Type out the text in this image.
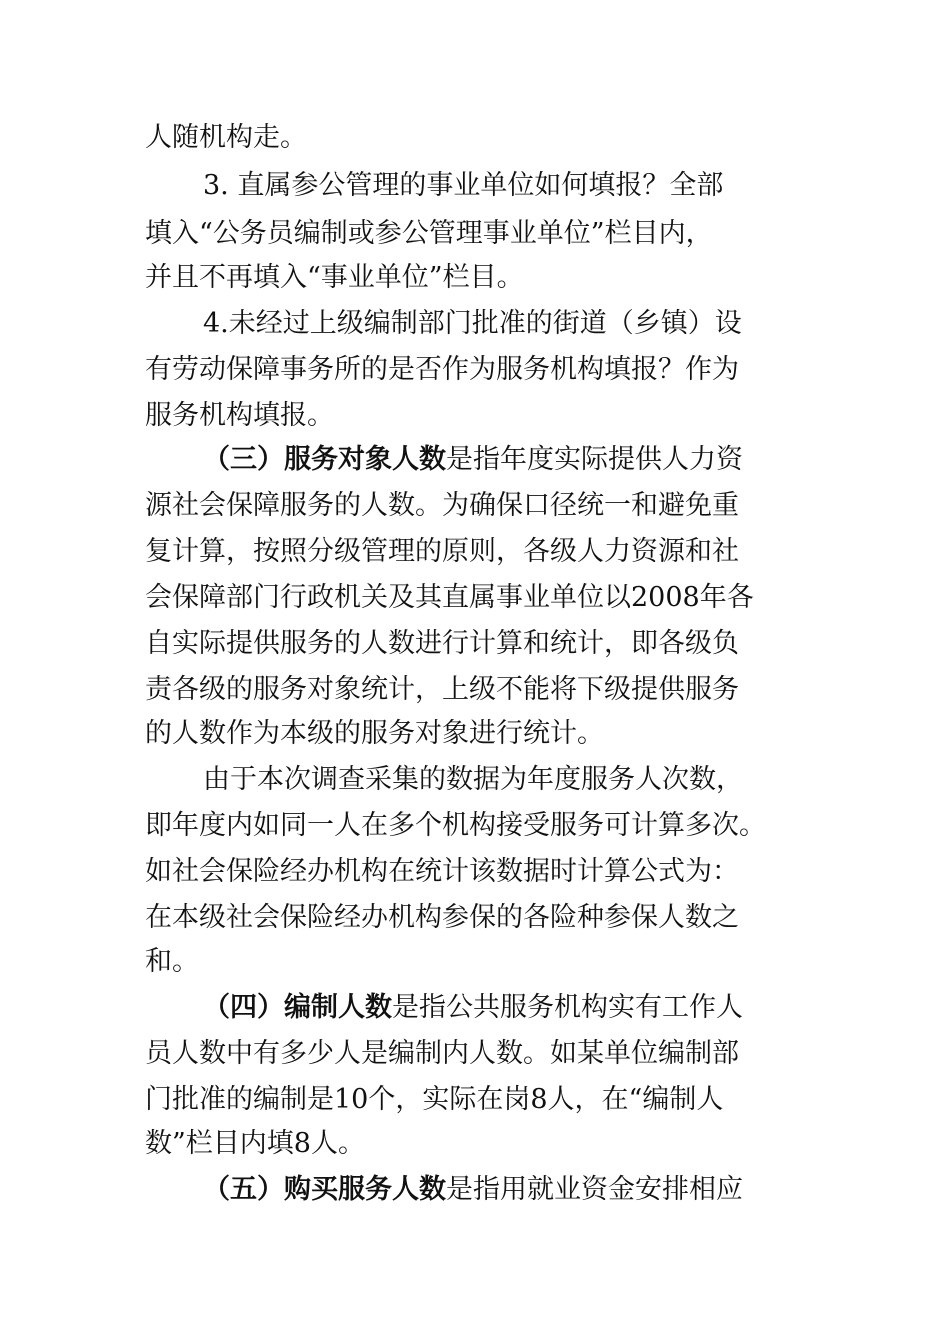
人随机构走。
3. 直属参公管理的事业单位如何填报？全部
填入“公务员编制或参公管理事业单位”栏目内，
并且不再填入“事业单位”栏目。
4.未经过上级编制部门批准的街道（乡镇）设
有劳动保障事务所的是否作为服务机构填报？作为
服务机构填报。
（三）服务对象人数是指年度实际提供人力资
源社会保障服务的人数。为确保口径统一和避免重
复计算，按照分级管理的原则，各级人力资源和社
会保障部门行政机关及其直属事业单位以2008年各
自实际提供服务的人数进行计算和统计，即各级负
责各级的服务对象统计，上级不能将下级提供服务
的人数作为本级的服务对象进行统计。
由于本次调查采集的数据为年度服务人次数，
即年度内如同一人在多个机构接受服务可计算多次。
如社会保险经办机构在统计该数据时计算公式为：
在本级社会保险经办机构参保的各险种参保人数之
和。
（四）编制人数是指公共服务机构实有工作人
员人数中有多少人是编制内人数。如某单位编制部
门批准的编制是10个，实际在岗8人，在“编制人
数”栏目内填8人。
（五）购买服务人数是指用就业资金安排相应
